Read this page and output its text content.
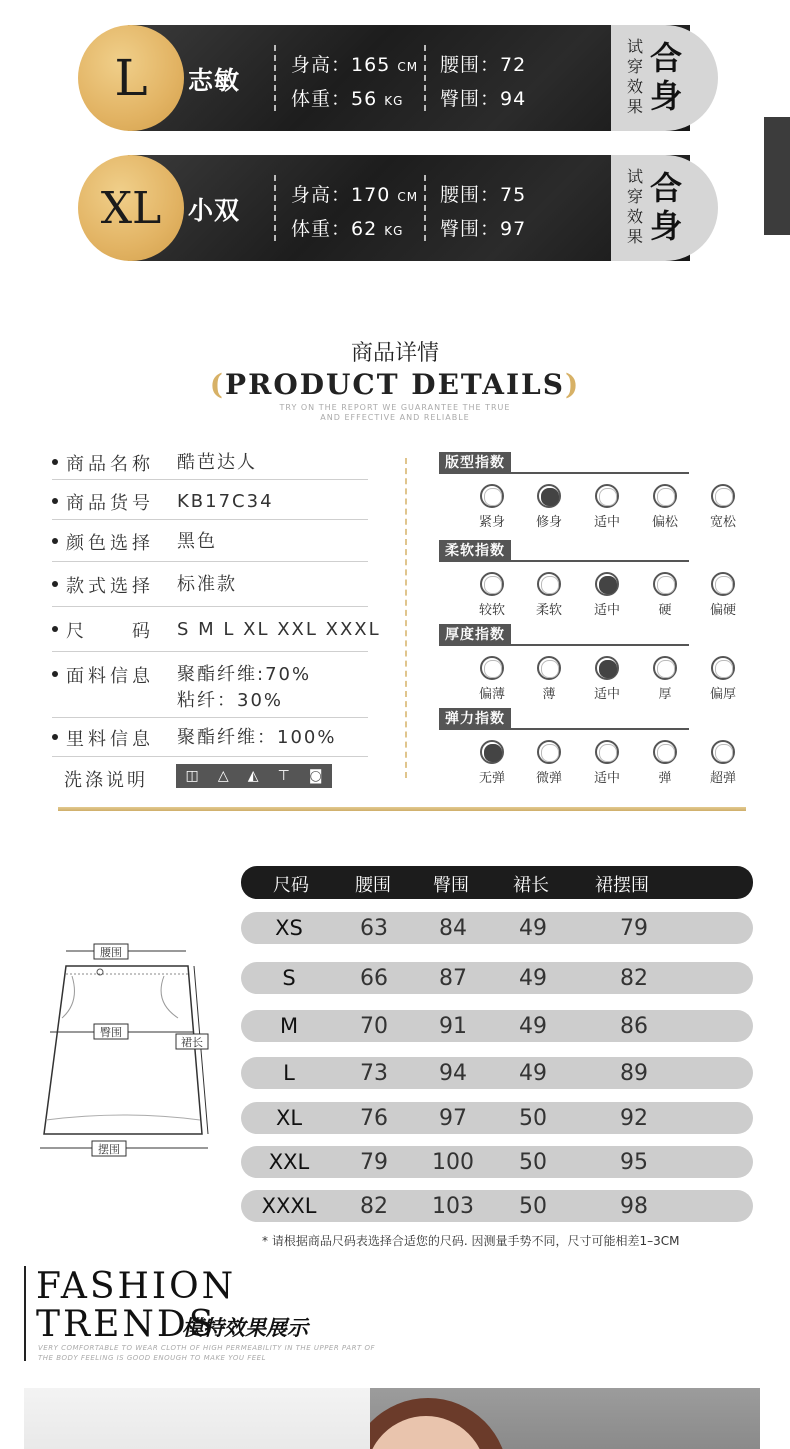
L	志敏
身高：165 CM
体重：56 KG
腰围：72
臀围：94
试穿效果
合身
XL	小双
身高：170 CM
体重：62 KG
腰围：75
臀围：97
试穿效果
合身
商品详情
(PRODUCT DETAILS)
TRY ON THE REPORT WE GUARANTEE THE TRUE
AND EFFECTIVE AND RELIABLE
商品名称 酷芭达人
商品货号 KB17C34
颜色选择 黑色
款式选择 标准款
尺　　码 S M L XL XXL XXXL
面料信息 聚酯纤维:70%
粘纤：30%
里料信息 聚酯纤维：100%
洗涤说明	◫ △ ◭ ⊤ ◙
版型指数
紧身	修身	适中	偏松	宽松
柔软指数
较软	柔软	适中	硬	偏硬
厚度指数
偏薄	薄	适中	厚	偏厚
弹力指数
无弹	微弹	适中	弹	超弹
腰围
臀围
裙长
摆围
尺码	腰围 臀围 裙长	裙摆围
XS	63	84	49	79
S	66	87	49	82
M	70	91	49	86
L	73	94	49	89
XL	76	97	50	92
XXL	79	100	50	95
XXXL	82	103	50	98
* 请根据商品尺码表选择合适您的尺码. 因测量手势不同，尺寸可能相差1–3CM
FASHION
TRENDS
模特效果展示
VERY COMFORTABLE TO WEAR CLOTH OF HIGH PERMEABILITY IN THE UPPER PART OF
THE BODY FEELING IS GOOD ENOUGH TO MAKE YOU FEEL
